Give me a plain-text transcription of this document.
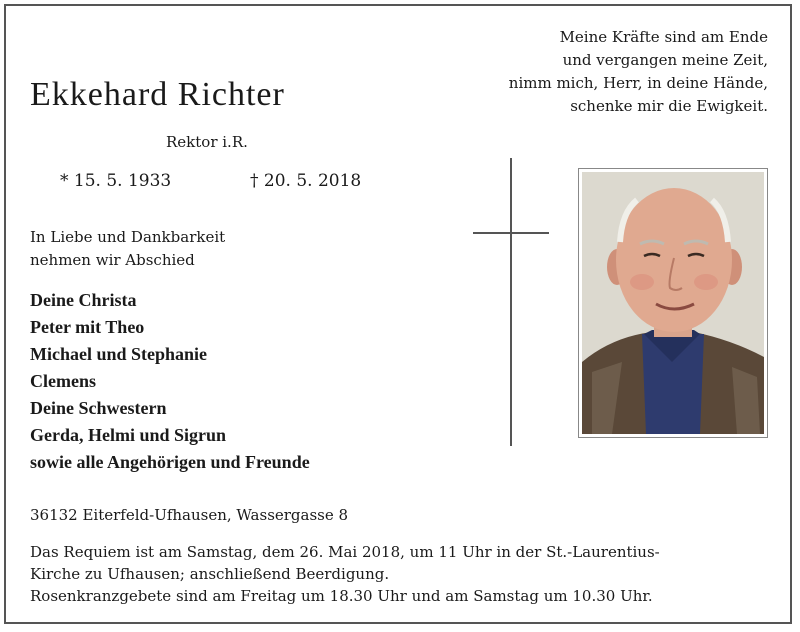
Meine Kräfte sind am Ende
und vergangen meine Zeit,
nimm mich, Herr, in deine Hände,
schenke mir die Ewigkeit.
Ekkehard Richter
Rektor i.R.
* 15. 5. 1933	† 20. 5. 2018
In Liebe und Dankbarkeit
nehmen wir Abschied
Deine Christa
Peter mit Theo
Michael und Stephanie
Clemens
Deine Schwestern
Gerda, Helmi und Sigrun
sowie alle Angehörigen und Freunde
36132 Eiterfeld-Ufhausen, Wassergasse 8
Das Requiem ist am Samstag, dem 26. Mai 2018, um 11 Uhr in der St.-Laurentius-
Kirche zu Ufhausen; anschließend Beerdigung.
Rosenkranzgebete sind am Freitag um 18.30 Uhr und am Samstag um 10.30 Uhr.
